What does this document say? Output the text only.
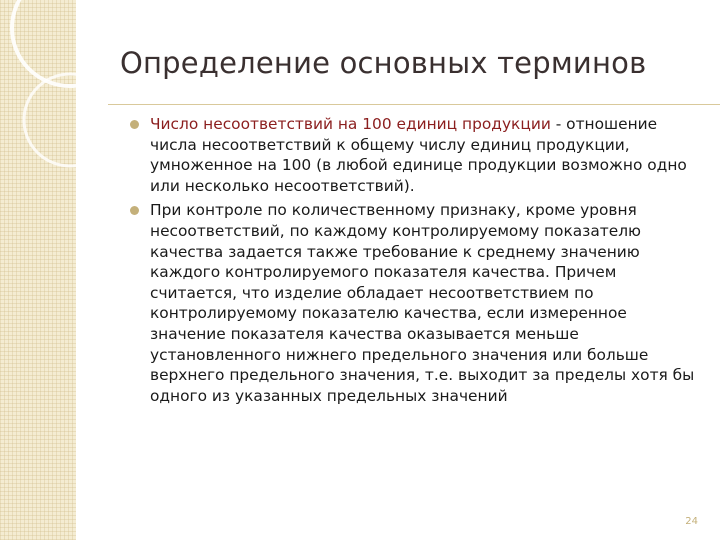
Определение основных терминов
Число несоответствий на 100 единиц продукции - отношение числа несоответствий к общему числу единиц продукции, умноженное на 100 (в любой единице продукции возможно одно или несколько несоответствий).
При контроле по количественному признаку, кроме уровня несоответствий, по каждому контролируемому показателю качества задается также требование к среднему значению каждого контролируемого показателя качества. Причем считается, что изделие обладает несоответствием по контролируемому показателю качества, если измеренное значение показателя качества оказывается меньше установленного нижнего предельного значения или больше верхнего предельного значения, т.е. выходит за пределы хотя бы одного из указанных предельных значений
24
